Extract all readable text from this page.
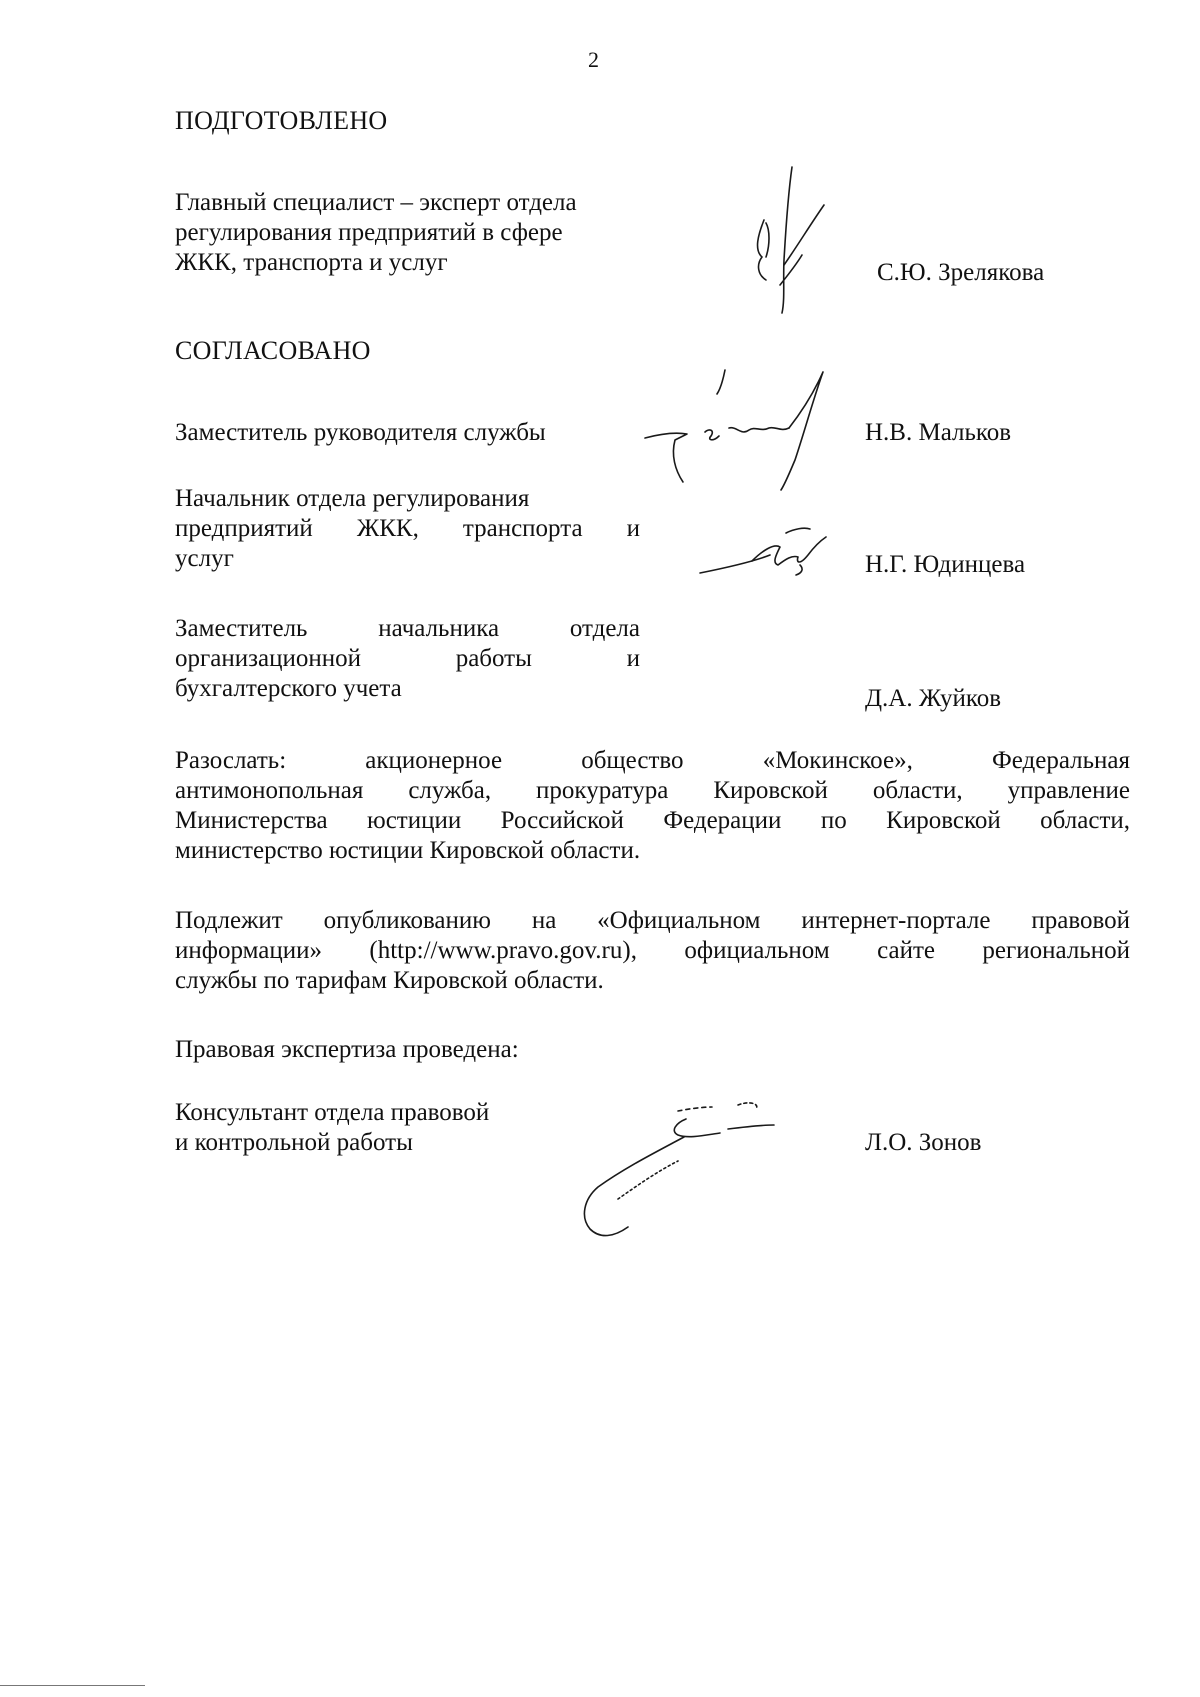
2
ПОДГОТОВЛЕНО
Главный специалист – эксперт отдела
регулирования предприятий в сфере
ЖКК, транспорта и услуг	С.Ю. Зрелякова
СОГЛАСОВАНО
Заместитель руководителя службы	Н.В. Мальков
Начальник отдела регулирования
предприятий ЖКК, транспорта и
услуг	Н.Г. Юдинцева
Заместитель	начальника	отдела
организационной	работы	и
бухгалтерского учета	Д.А. Жуйков
Разослать: акционерное общество «Мокинское», Федеральная
антимонопольная служба, прокуратура Кировской области, управление
Министерства юстиции Российской Федерации по Кировской области,
министерство юстиции Кировской области.
Подлежит опубликованию на «Официальном интернет-портале правовой
информации» (http://www.pravo.gov.ru), официальном сайте региональной
службы по тарифам Кировской области.
Правовая экспертиза проведена:
Консультант отдела правовой
и контрольной работы	Л.О. Зонов
